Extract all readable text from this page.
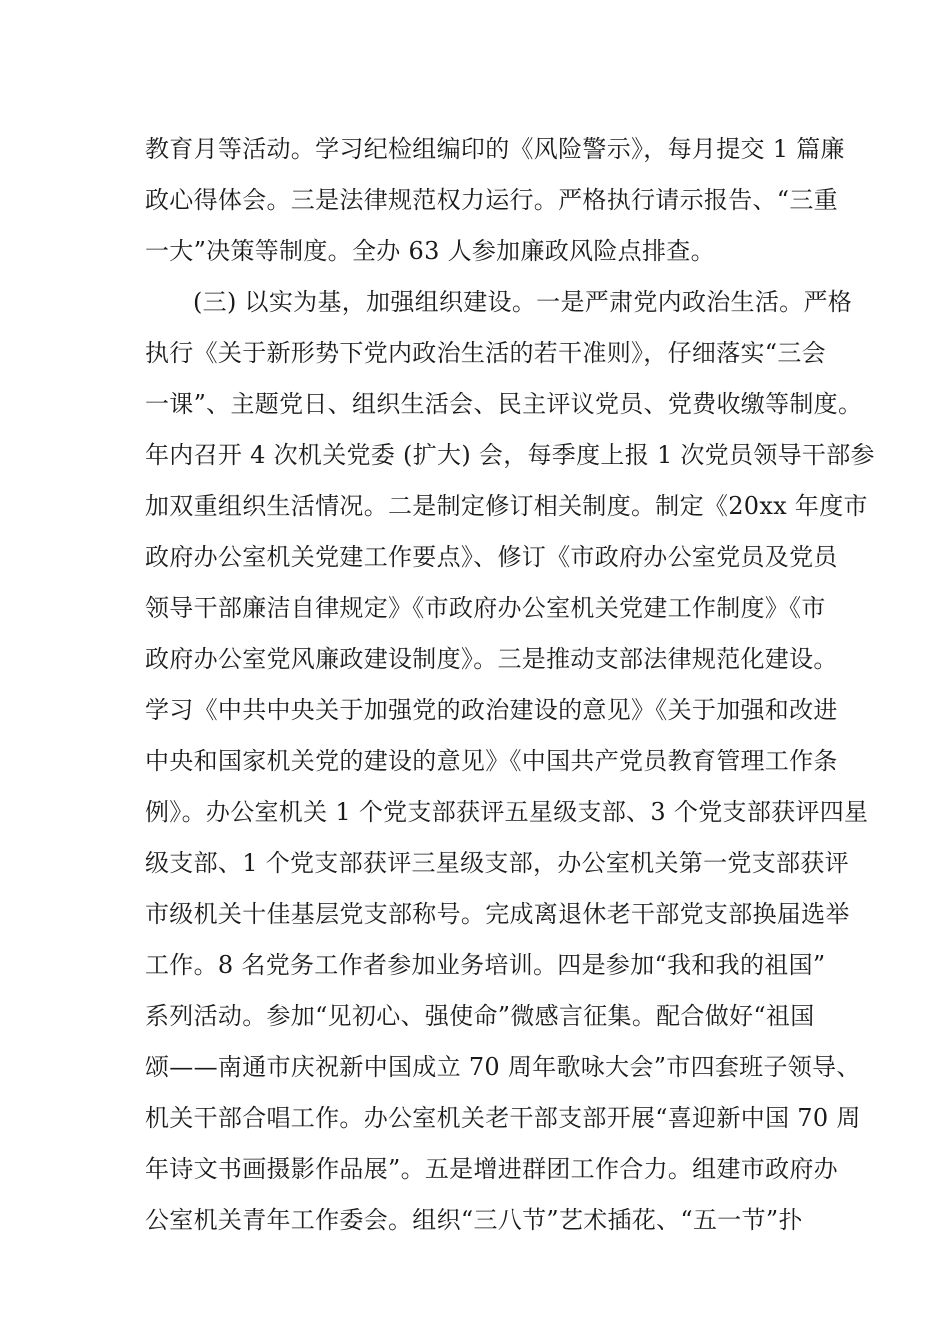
教育月等活动。学习纪检组编印的《风险警示》，每月提交 1 篇廉
政心得体会。三是法律规范权力运行。严格执行请示报告、“三重
一大”决策等制度。全办 63 人参加廉政风险点排查。
(三) 以实为基，加强组织建设。一是严肃党内政治生活。严格
执行《关于新形势下党内政治生活的若干准则》，仔细落实“三会
一课”、主题党日、组织生活会、民主评议党员、党费收缴等制度。
年内召开 4 次机关党委 (扩大) 会，每季度上报 1 次党员领导干部参
加双重组织生活情况。二是制定修订相关制度。制定《20xx 年度市
政府办公室机关党建工作要点》、修订《市政府办公室党员及党员
领导干部廉洁自律规定》《市政府办公室机关党建工作制度》《市
政府办公室党风廉政建设制度》。三是推动支部法律规范化建设。
学习《中共中央关于加强党的政治建设的意见》《关于加强和改进
中央和国家机关党的建设的意见》《中国共产党员教育管理工作条
例》。办公室机关 1 个党支部获评五星级支部、3 个党支部获评四星
级支部、1 个党支部获评三星级支部，办公室机关第一党支部获评
市级机关十佳基层党支部称号。完成离退休老干部党支部换届选举
工作。8 名党务工作者参加业务培训。四是参加“我和我的祖国”
系列活动。参加“见初心、强使命”微感言征集。配合做好“祖国
颂——南通市庆祝新中国成立 70 周年歌咏大会”市四套班子领导、
机关干部合唱工作。办公室机关老干部支部开展“喜迎新中国 70 周
年诗文书画摄影作品展”。五是增进群团工作合力。组建市政府办
公室机关青年工作委会。组织“三八节”艺术插花、“五一节”扑
